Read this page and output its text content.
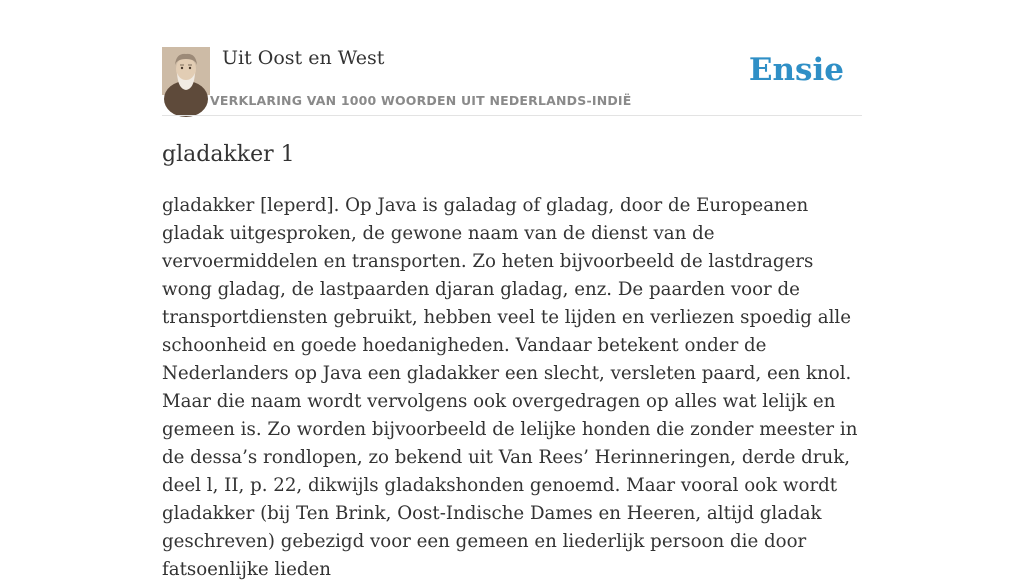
Uit Oost en West
VERKLARING VAN 1000 WOORDEN UIT NEDERLANDS-INDIË
Ensie
gladakker 1

gladakker [leperd]. Op Java is galadag of gladag, door de Europeanen gladak uitgesproken, de gewone naam van de dienst van de vervoermiddelen en transporten. Zo heten bijvoorbeeld de lastdragers wong gladag, de lastpaarden djaran gladag, enz. De paarden voor de transportdiensten gebruikt, hebben veel te lijden en verliezen spoedig alle schoonheid en goede hoedanigheden. Vandaar betekent onder de Nederlanders op Java een gladakker een slecht, versleten paard, een knol. Maar die naam wordt vervolgens ook overgedragen op alles wat lelijk en gemeen is. Zo worden bijvoorbeeld de lelijke honden die zonder meester in de dessa’s rondlopen, zo bekend uit Van Rees’ Herinneringen, derde druk, deel l, II, p. 22, dikwijls gladakshonden genoemd. Maar vooral ook wordt gladakker (bij Ten Brink, Oost-Indische Dames en Heeren, altijd gladak geschreven) gebezigd voor een gemeen en liederlijk persoon die door fatsoenlijke lieden
